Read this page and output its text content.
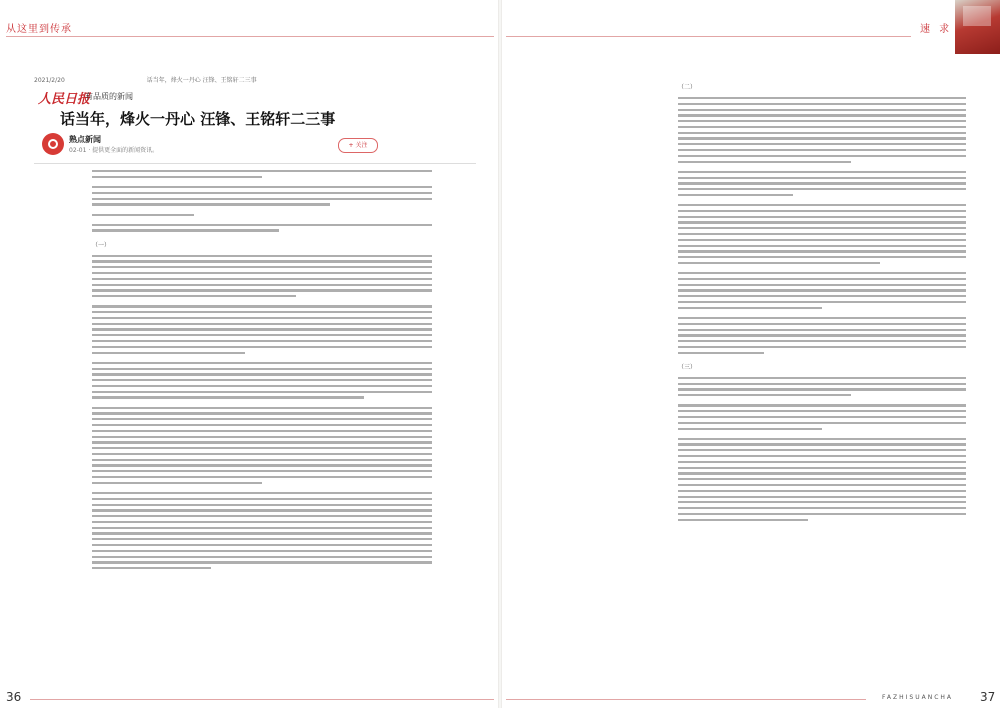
从这里到传承	速 求
2021/2/20	话当年，烽火一丹心 汪锋、王铭轩二三事
人民日报
有品质的新闻
话当年，烽火一丹心 汪锋、王铭轩二三事
熟点新闻
02-01 · 提供更全面的新闻资讯。
+ 关注
（一）
（二）
（三）
36	FAZHISUANCHA 37
